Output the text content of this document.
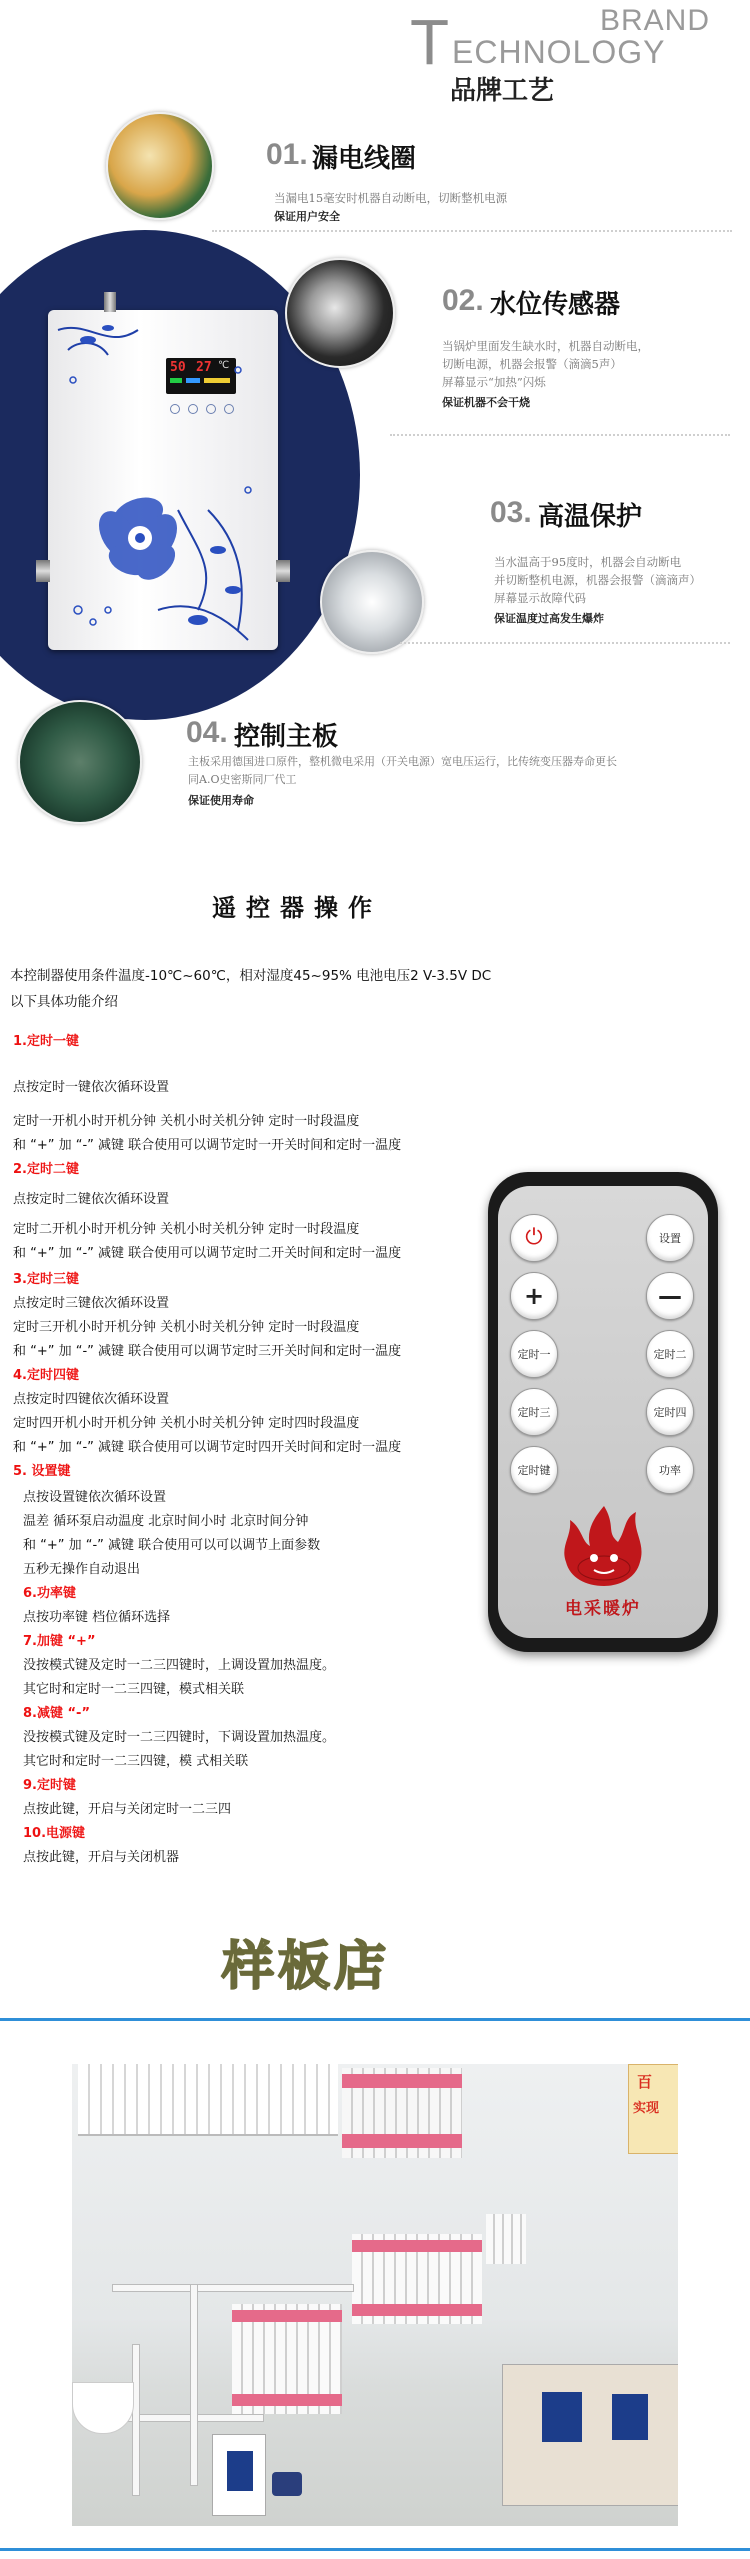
BRAND
T ECHNOLOGY
品牌工艺
50 27 ℃
01. 漏电线圈
当漏电15毫安时机器自动断电，切断整机电源
保证用户安全
02. 水位传感器
当锅炉里面发生缺水时，机器自动断电，
切断电源，机器会报警（滴滴5声）
屏幕显示“加热”闪烁
保证机器不会干烧
03. 高温保护
当水温高于95度时，机器会自动断电
并切断整机电源，机器会报警（滴滴声）
屏幕显示故障代码
保证温度过高发生爆炸
04. 控制主板
主板采用德国进口原件，整机微电采用（开关电源）宽电压运行，比传统变压器寿命更长
同A.O史密斯同厂代工
保证使用寿命
遥控器操作
本控制器使用条件温度-10℃~60℃，相对湿度45~95% 电池电压2 V-3.5V DC
以下具体功能介绍
1.定时一键
点按定时一键依次循环设置
定时一开机小时开机分钟 关机小时关机分钟 定时一时段温度
和 “+” 加 “-” 减键 联合使用可以调节定时一开关时间和定时一温度
2.定时二键
点按定时二键依次循环设置
定时二开机小时开机分钟 关机小时关机分钟 定时一时段温度
和 “+” 加 “-” 减键 联合使用可以调节定时二开关时间和定时一温度
3.定时三键
点按定时三键依次循环设置
定时三开机小时开机分钟 关机小时关机分钟 定时一时段温度
和 “+” 加 “-” 减键 联合使用可以调节定时三开关时间和定时一温度
4.定时四键
点按定时四键依次循环设置
定时四开机小时开机分钟 关机小时关机分钟 定时四时段温度
和 “+” 加 “-” 减键 联合使用可以调节定时四开关时间和定时一温度
5. 设置键
点按设置键依次循环设置
温差 循环泵启动温度 北京时间小时 北京时间分钟
和 “+” 加 “-” 减键 联合使用可以可以调节上面参数
五秒无操作自动退出
6.功率键
点按功率键 档位循环选择
7.加键 “+”
没按模式键及定时一二三四键时，上调设置加热温度。
其它时和定时一二三四键，模式相关联
8.减键 “-”
没按模式键及定时一二三四键时，下调设置加热温度。
其它时和定时一二三四键，模 式相关联
9.定时键
点按此键，开启与关闭定时一二三四
10.电源键
点按此键，开启与关闭机器
⏻	设置
+	—
定时一	定时二
定时三	定时四
定时键	功率
电采暖炉
样板店
百
实现
